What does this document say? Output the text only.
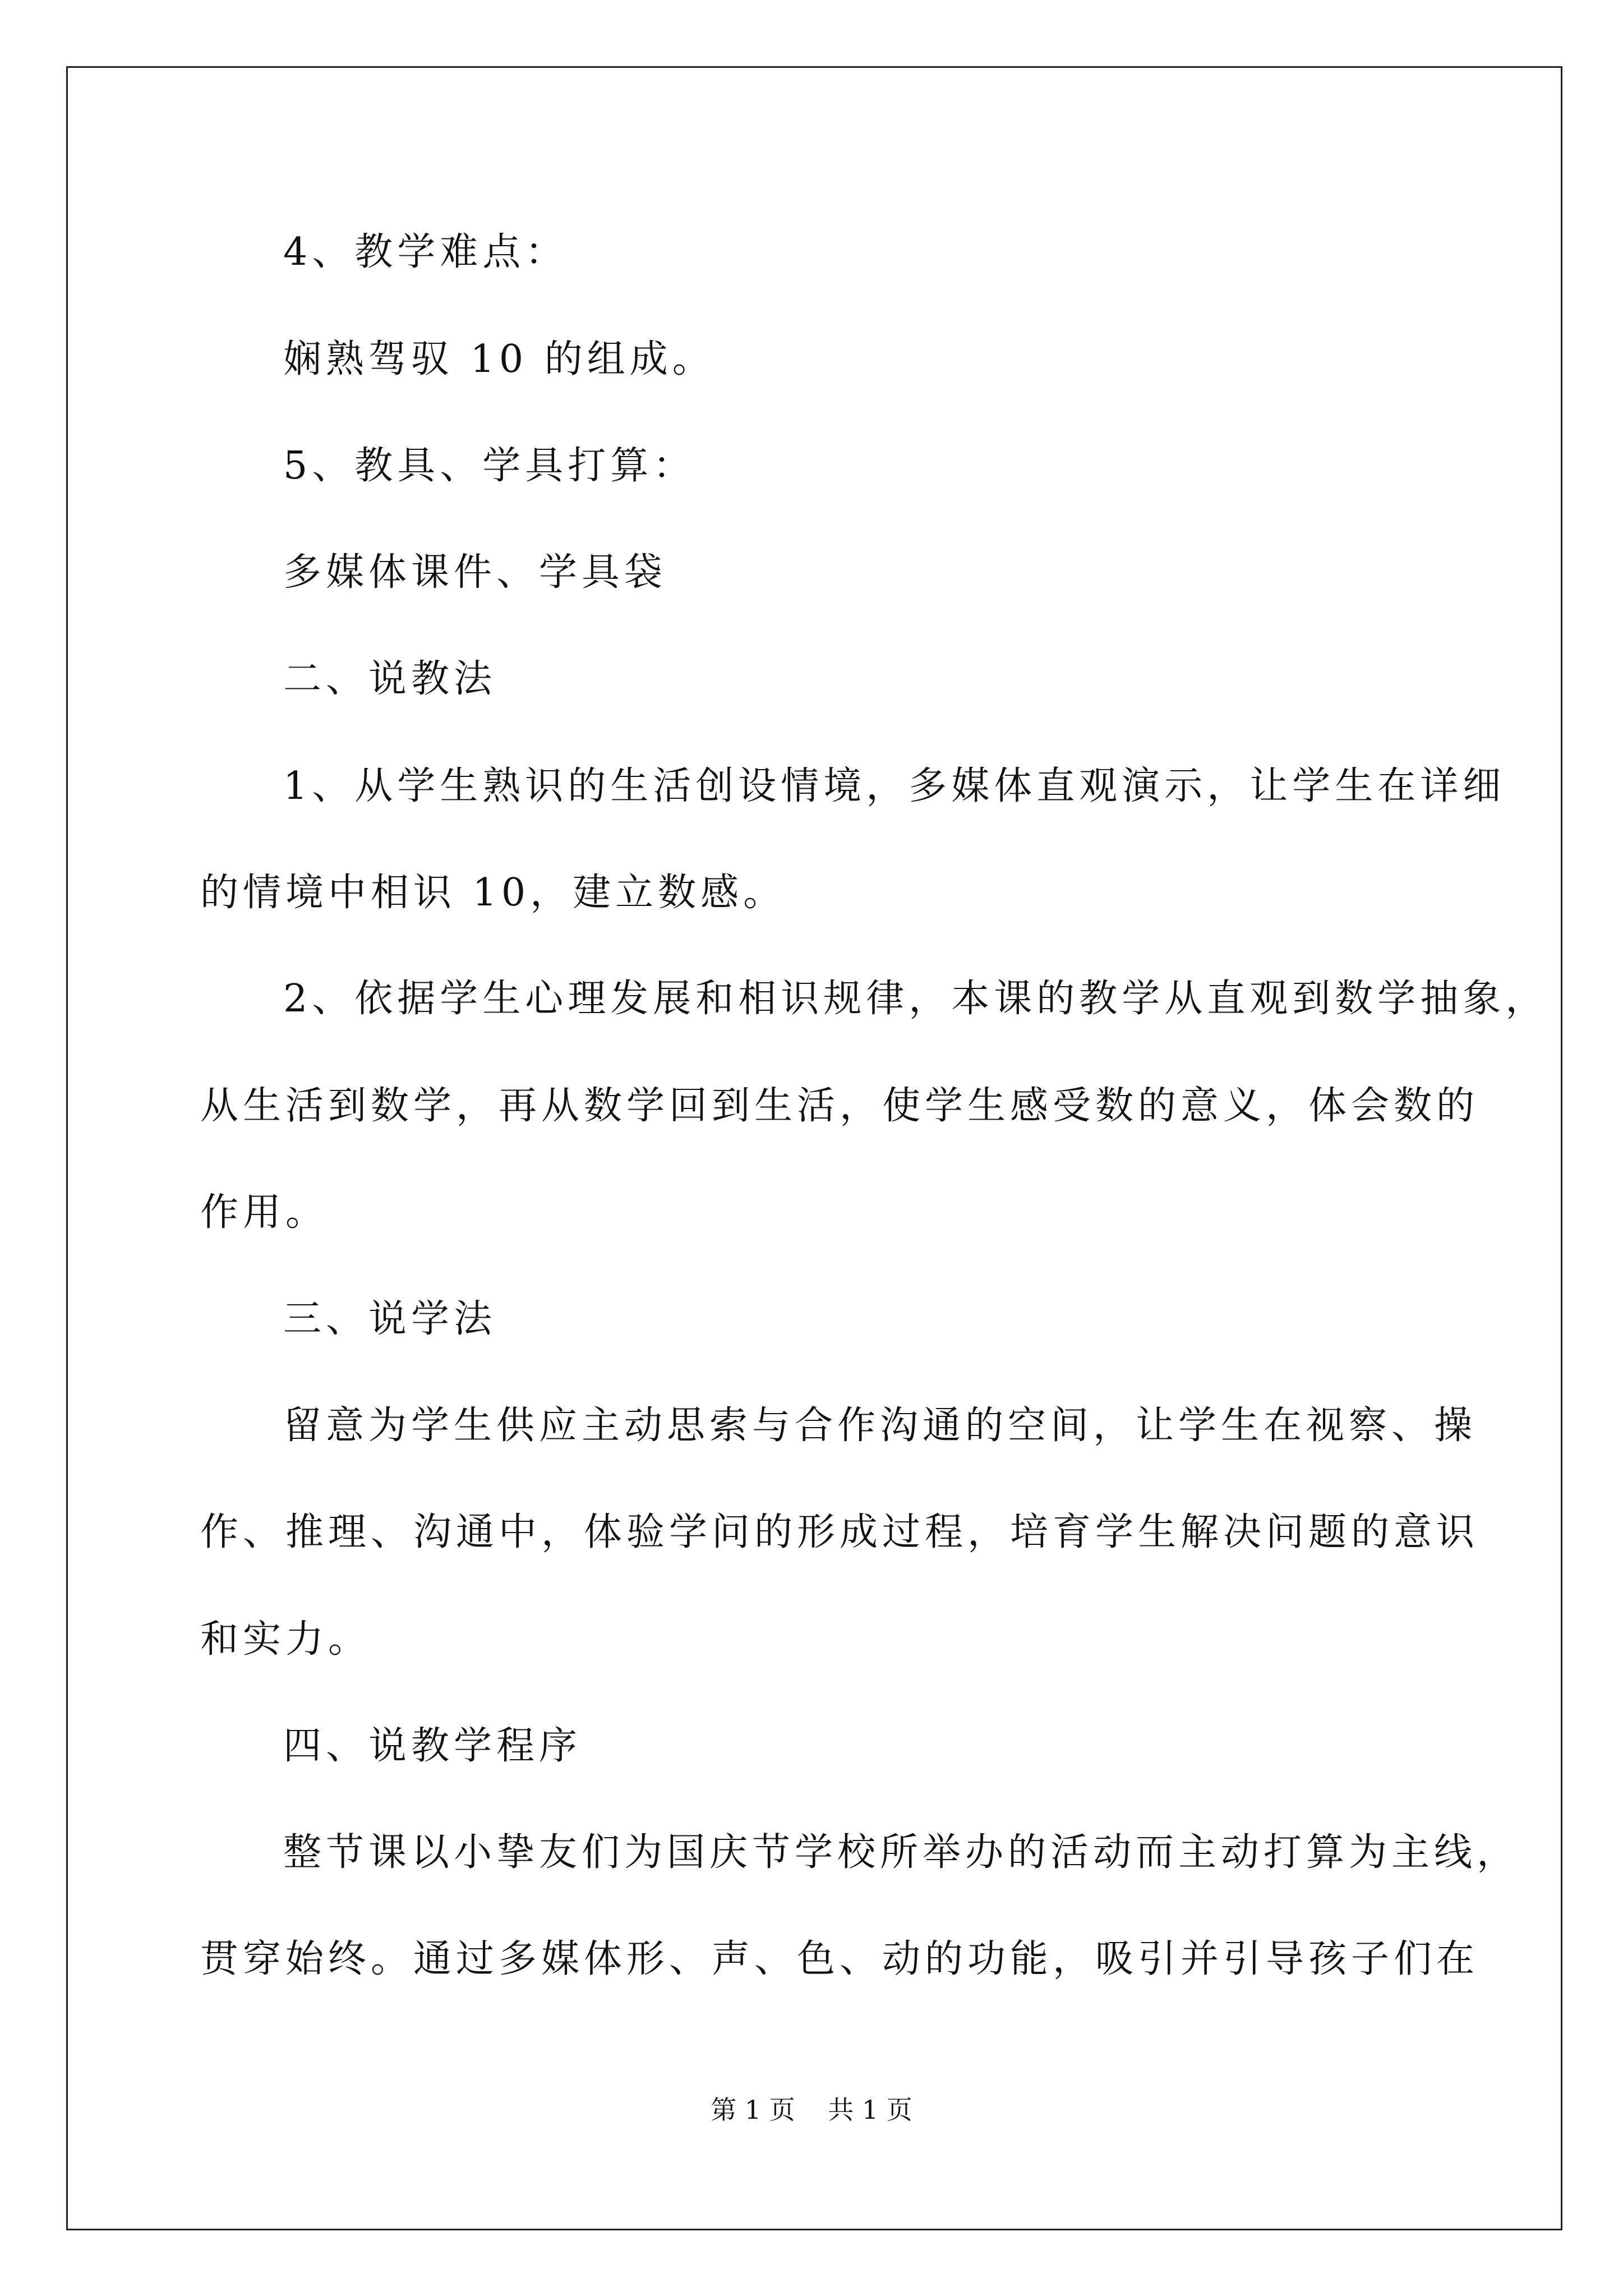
4、教学难点：
娴熟驾驭 10 的组成。
5、教具、学具打算：
多媒体课件、学具袋
二、说教法
1、从学生熟识的生活创设情境，多媒体直观演示，让学生在详细
的情境中相识 10，建立数感。
2、依据学生心理发展和相识规律，本课的教学从直观到数学抽象，
从生活到数学，再从数学回到生活，使学生感受数的意义，体会数的
作用。
三、说学法
留意为学生供应主动思索与合作沟通的空间，让学生在视察、操
作、推理、沟通中，体验学问的形成过程，培育学生解决问题的意识
和实力。
四、说教学程序
整节课以小挚友们为国庆节学校所举办的活动而主动打算为主线，
贯穿始终。通过多媒体形、声、色、动的功能，吸引并引导孩子们在
第 1 页    共 1 页
